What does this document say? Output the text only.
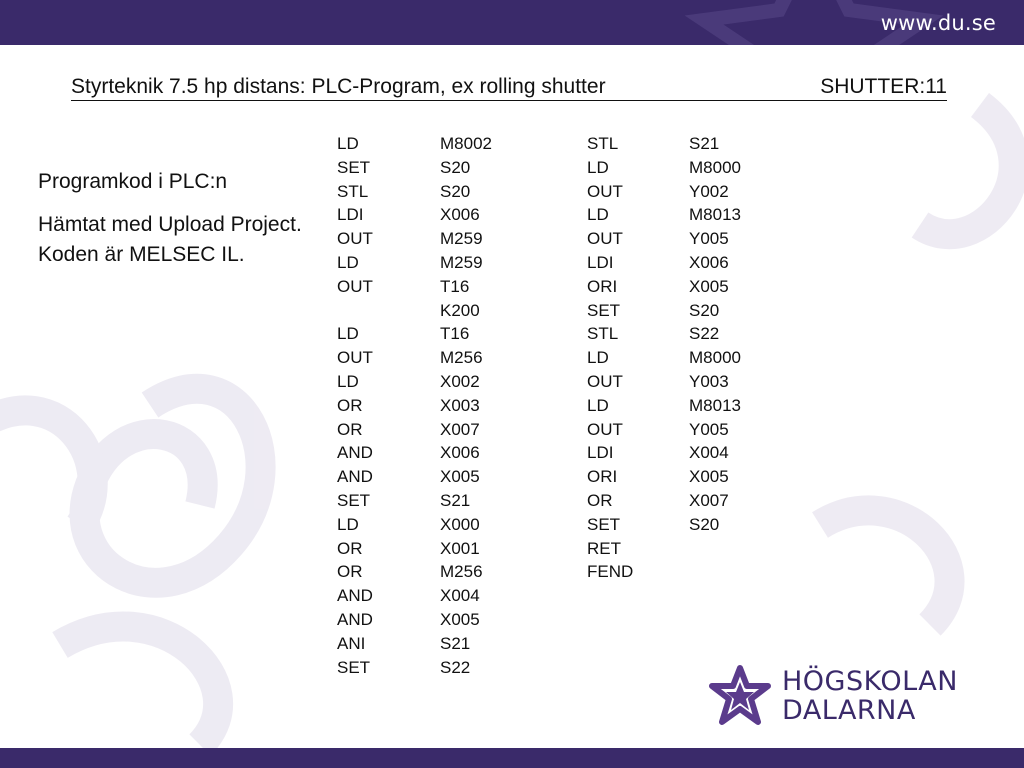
www.du.se
Styrteknik 7.5 hp distans: PLC-Program, ex rolling shutter	SHUTTER:11
Programkod i PLC:n
Hämtat med Upload Project.
Koden är MELSEC IL.
LD
SET
STL
LDI
OUT
LD
OUT
LD
OUT
LD
OR
OR
AND
AND
SET
LD
OR
OR
AND
AND
ANI
SET
M8002
S20
S20
X006
M259
M259
T16
K200
T16
M256
X002
X003
X007
X006
X005
S21
X000
X001
M256
X004
X005
S21
S22
STL
LD
OUT
LD
OUT
LDI
ORI
SET
STL
LD
OUT
LD
OUT
LDI
ORI
OR
SET
RET
FEND
S21
M8000
Y002
M8013
Y005
X006
X005
S20
S22
M8000
Y003
M8013
Y005
X004
X005
X007
S20
HÖGSKOLAN
DALARNA
